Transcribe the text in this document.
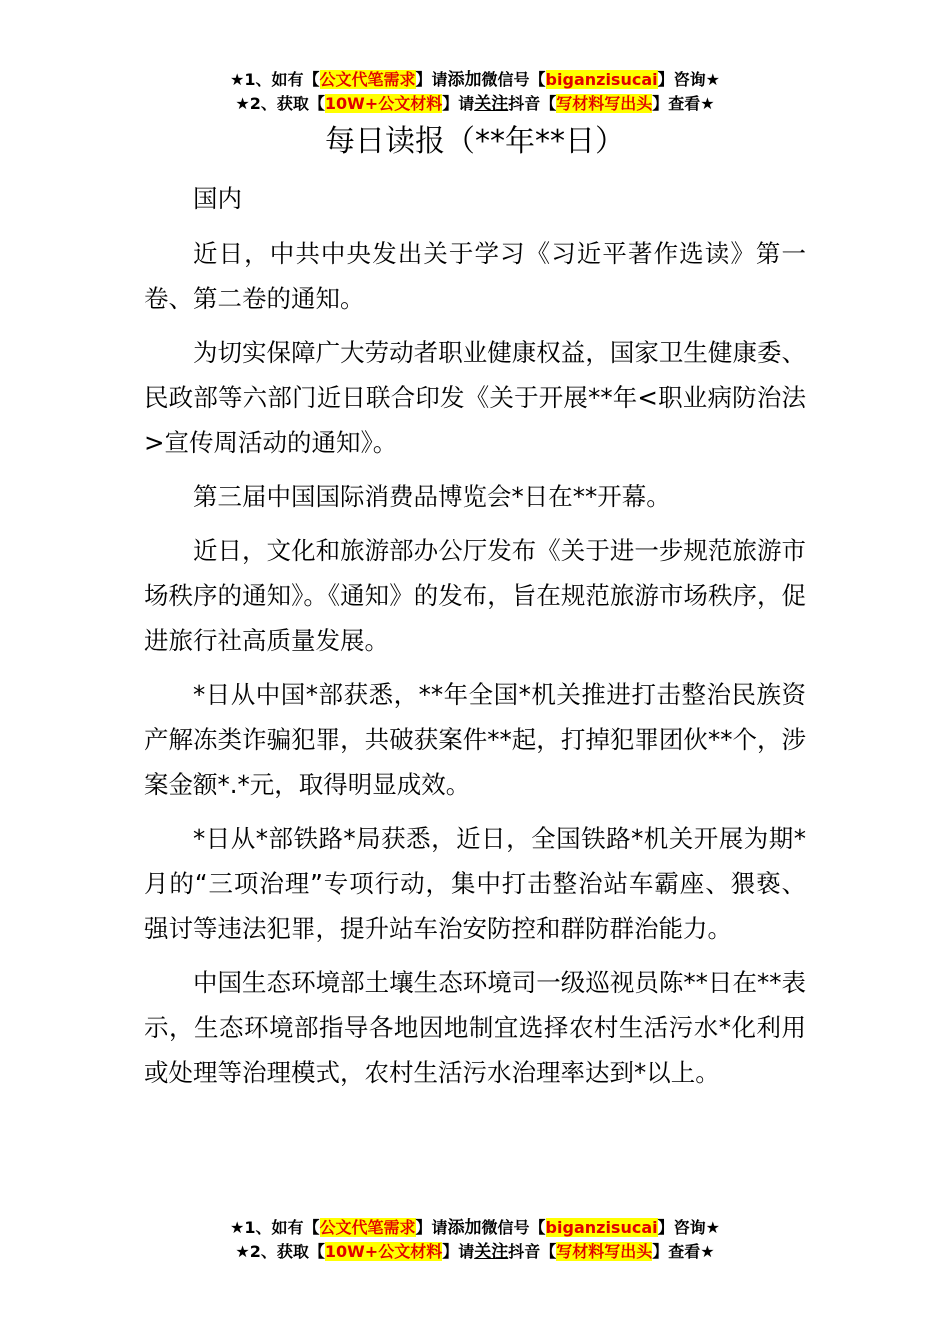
★1、如有【公文代笔需求】请添加微信号【biganzisucai】咨询★
★2、获取【10W+公文材料】请关注抖音【写材料写出头】查看★
每日读报（**年**日）

国内

近日，中共中央发出关于学习《习近平著作选读》第一卷、第二卷的通知。

为切实保障广大劳动者职业健康权益，国家卫生健康委、民政部等六部门近日联合印发《关于开展**年<职业病防治法>宣传周活动的通知》。

第三届中国国际消费品博览会*日在**开幕。

近日，文化和旅游部办公厅发布《关于进一步规范旅游市场秩序的通知》。《通知》的发布，旨在规范旅游市场秩序，促进旅行社高质量发展。

*日从中国*部获悉，**年全国*机关推进打击整治民族资产解冻类诈骗犯罪，共破获案件**起，打掉犯罪团伙**个，涉案金额*.*元，取得明显成效。

*日从*部铁路*局获悉，近日，全国铁路*机关开展为期*月的“三项治理”专项行动，集中打击整治站车霸座、猥亵、强讨等违法犯罪，提升站车治安防控和群防群治能力。

中国生态环境部土壤生态环境司一级巡视员陈**日在**表示，生态环境部指导各地因地制宜选择农村生活污水*化利用或处理等治理模式，农村生活污水治理率达到*以上。

★1、如有【公文代笔需求】请添加微信号【biganzisucai】咨询★
★2、获取【10W+公文材料】请关注抖音【写材料写出头】查看★
